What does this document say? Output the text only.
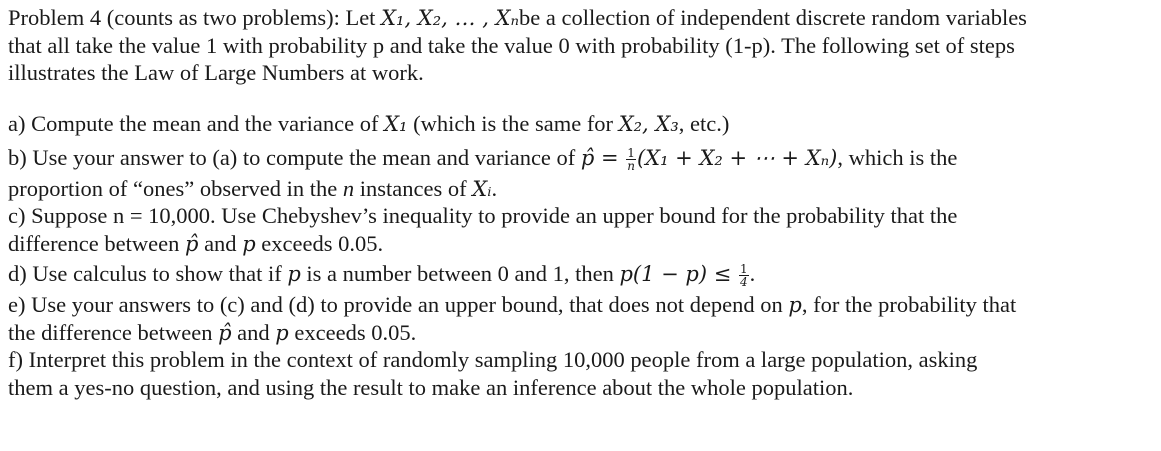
Problem 4 (counts as two problems): Let X₁, X₂, … , Xₙbe a collection of independent discrete random variables
that all take the value 1 with probability p and take the value 0 with probability (1-p). The following set of steps
illustrates the Law of Large Numbers at work.
a) Compute the mean and the variance of X₁ (which is the same for X₂, X₃, etc.)
b) Use your answer to (a) to compute the mean and variance of p̂ = $\frac{1}{n} (X_1 + X_2$ + ⋯ + Xₙ), which is the
proportion of “ones” observed in the n instances of Xᵢ.
c) Suppose n = 10,000. Use Chebyshev’s inequality to provide an upper bound for the probability that the
difference between p̂ and p exceeds 0.05.
d) Use calculus to show that if p is a number between 0 and 1, then $p(1 - p) \le \frac{1}{4}$ .
e) Use your answers to (c) and (d) to provide an upper bound, that does not depend on p, for the probability that
the difference between p̂ and p exceeds 0.05.
f) Interpret this problem in the context of randomly sampling 10,000 people from a large population, asking
them a yes-no question, and using the result to make an inference about the whole population.
